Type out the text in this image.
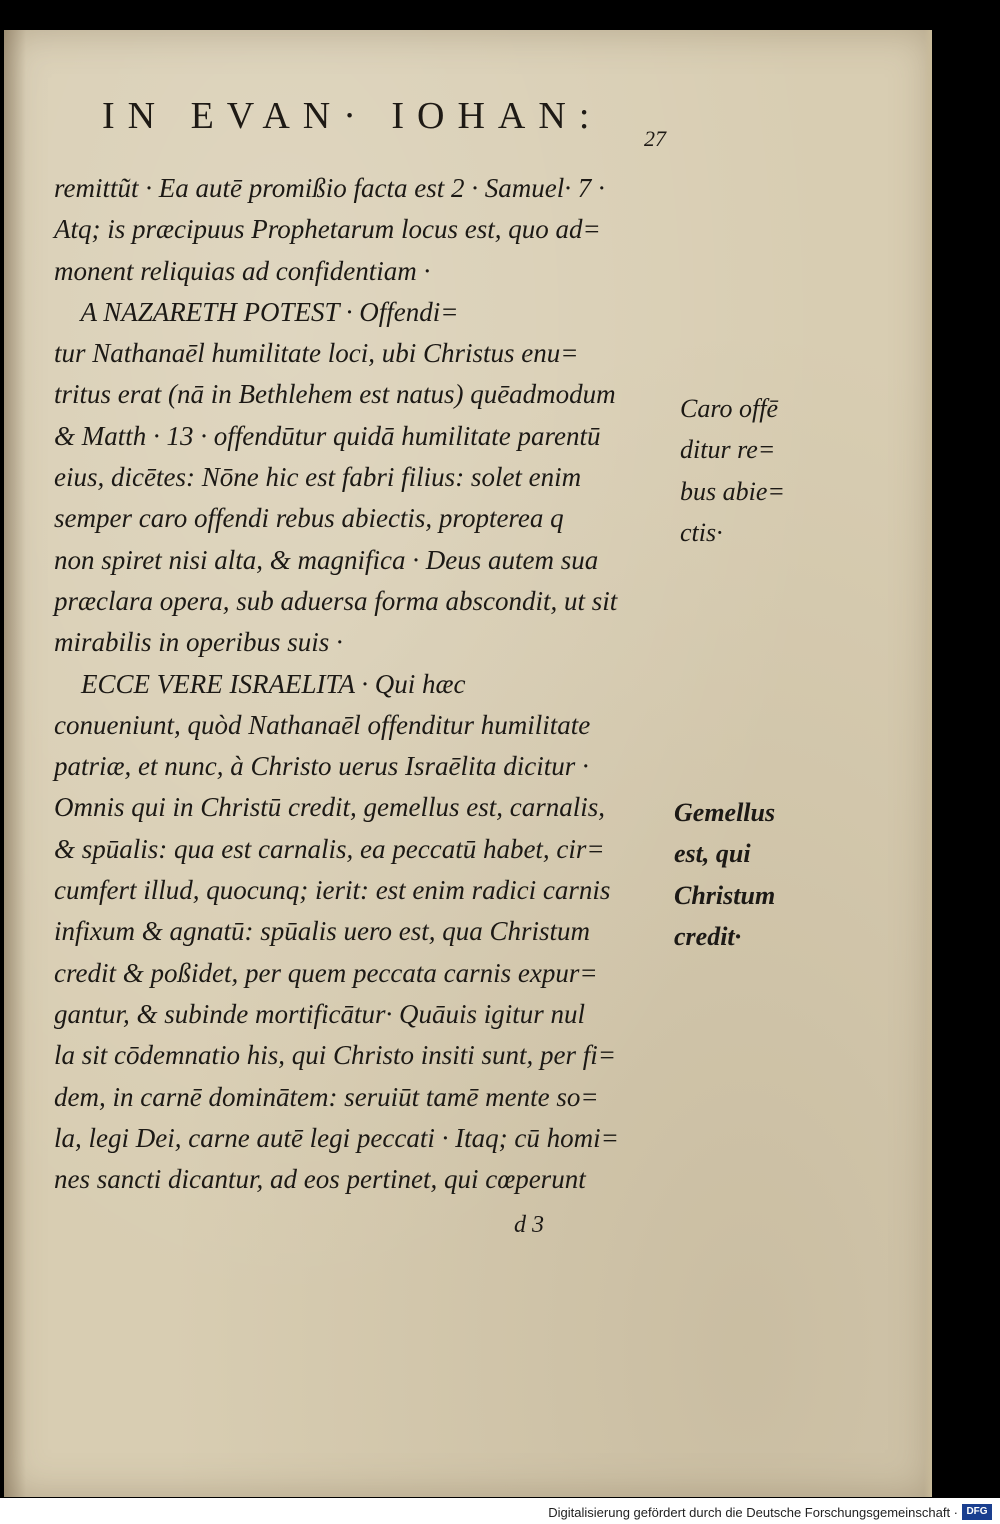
IN EVAN· IOHAN:
27
remittũt · Ea autē promißio facta est 2 · Samuel· 7 ·
Atq; is præcipuus Prophetarum locus est, quo ad=
monent reliquias ad confidentiam ·
A NAZARETH POTEST · Offendi=
tur Nathanaēl humilitate loci, ubi Christus enu=
tritus erat (nā in Bethlehem est natus) quēadmodum
& Matth · 13 · offendūtur quidā humilitate parentū
eius, dicētes: Nōne hic est fabri filius: solet enim
semper caro offendi rebus abiectis, propterea q
non spiret nisi alta, & magnifica · Deus autem sua
præclara opera, sub aduersa forma abscondit, ut sit
mirabilis in operibus suis ·
ECCE VERE ISRAELITA · Qui hæc
conueniunt, quòd Nathanaēl offenditur humilitate
patriæ, et nunc, à Christo uerus Israēlita dicitur ·
Omnis qui in Christū credit, gemellus est, carnalis,
& spūalis: qua est carnalis, ea peccatū habet, cir=
cumfert illud, quocunq; ierit: est enim radici carnis
infixum & agnatū: spūalis uero est, qua Christum
credit & poßidet, per quem peccata carnis expur=
gantur, & subinde mortificātur· Quāuis igitur nul
la sit cōdemnatio his, qui Christo insiti sunt, per fi=
dem, in carnē dominātem: seruiūt tamē mente so=
la, legi Dei, carne autē legi peccati · Itaq; cū homi=
nes sancti dicantur, ad eos pertinet, qui cœperunt
Caro offē
ditur re=
bus abie=
ctis·
Gemellus
est, qui
Christum
credit·
d 3
Digitalisierung gefördert durch die Deutsche Forschungsgemeinschaft · DFG
